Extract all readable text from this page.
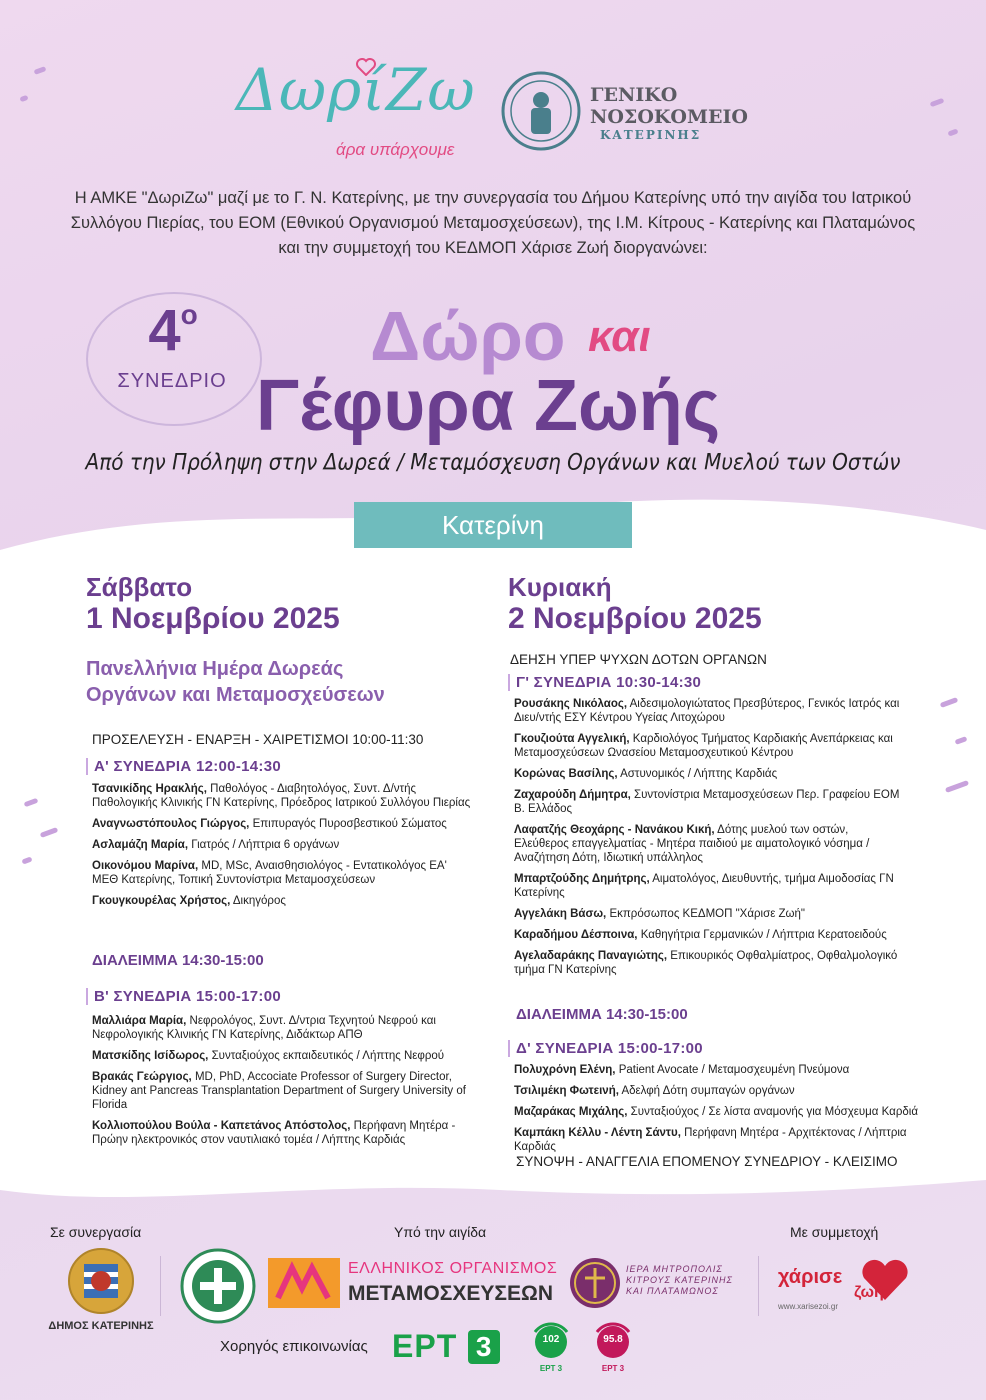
ΔωρίΖω
άρα υπάρχουμε
ΓΕΝΙΚΟ
ΝΟΣΟΚΟΜΕΙΟ
ΚΑΤΕΡΙΝΗΣ
Η ΑΜΚΕ "ΔωριΖω" μαζί με το Γ. Ν. Κατερίνης, με την συνεργασία του Δήμου Κατερίνης υπό την αιγίδα του Ιατρικού Συλλόγου Πιερίας, του ΕΟΜ (Εθνικού Οργανισμού Μεταμοσχεύσεων), της Ι.Μ. Κίτρους - Κατερίνης και Πλαταμώνος και την συμμετοχή του ΚΕΔΜΟΠ Χάρισε Ζωή διοργανώνει:
$4^o$
ΣΥΝΕΔΡΙΟ
Δώρο και
Γέφυρα Ζωής
Από την Πρόληψη στην Δωρεά / Μεταμόσχευση Οργάνων και Μυελού των Οστών
Κατερίνη
Σάββατο
1 Νοεμβρίου 2025
Πανελλήνια Ημέρα Δωρεάς
Οργάνων και Μεταμοσχεύσεων
ΠΡΟΣΕΛΕΥΣΗ - ΕΝΑΡΞΗ - ΧΑΙΡΕΤΙΣΜΟΙ 10:00-11:30
Α' ΣΥΝΕΔΡΙΑ 12:00-14:30
Τσανικίδης Ηρακλής, Παθολόγος - Διαβητολόγος, Συντ. Δ/ντής Παθολογικής Κλινικής ΓΝ Κατερίνης, Πρόεδρος Ιατρικού Συλλόγου Πιερίας
Αναγνωστόπουλος Γιώργος, Επιπυραγός Πυροσβεστικού Σώματος
Ασλαμάζη Μαρία, Γιατρός / Λήπτρια 6 οργάνων
Οικονόμου Μαρίνα, MD, MSc, Αναισθησιολόγος - Εντατικολόγος ΕΑ' ΜΕΘ Κατερίνης, Τοπική Συντονίστρια Μεταμοσχεύσεων
Γκουγκουρέλας Χρήστος, Δικηγόρος
ΔΙΑΛΕΙΜΜΑ 14:30-15:00
Β' ΣΥΝΕΔΡΙΑ 15:00-17:00
Μαλλιάρα Μαρία, Νεφρολόγος, Συντ. Δ/ντρια Τεχνητού Νεφρού και Νεφρολογικής Κλινικής ΓΝ Κατερίνης, Διδάκτωρ ΑΠΘ
Ματσκίδης Ισίδωρος, Συνταξιούχος εκπαιδευτικός / Λήπτης Νεφρού
Βρακάς Γεώργιος, MD, PhD, Accociate Professor of Surgery Director, Kidney ant Pancreas Transplantation Department of Surgery University of Florida
Κολλιοπούλου Βούλα - Καπετάνος Απόστολος, Περήφανη Μητέρα - Πρώην ηλεκτρονικός στον ναυτιλιακό τομέα / Λήπτης Καρδιάς
Κυριακή
2 Νοεμβρίου 2025
ΔΕΗΣΗ ΥΠΕΡ ΨΥΧΩΝ ΔΟΤΩΝ ΟΡΓΑΝΩΝ
Γ' ΣΥΝΕΔΡΙΑ 10:30-14:30
Ρουσάκης Νικόλαος, Αιδεσιμολογιώτατος Πρεσβύτερος, Γενικός Ιατρός και Διευ/ντής ΕΣΥ Κέντρου Υγείας Λιτοχώρου
Γκουζιούτα Αγγελική, Καρδιολόγος Τμήματος Καρδιακής Ανεπάρκειας και Μεταμοσχεύσεων Ωνασείου Μεταμοσχευτικού Κέντρου
Κορώνας Βασίλης, Αστυνομικός / Λήπτης Καρδιάς
Ζαχαρούδη Δήμητρα, Συντονίστρια Μεταμοσχεύσεων Περ. Γραφείου ΕΟΜ Β. Ελλάδος
Λαφατζής Θεοχάρης - Νανάκου Κική, Δότης μυελού των οστών, Ελεύθερος επαγγελματίας - Μητέρα παιδιού με αιματολογικό νόσημα / Αναζήτηση Δότη, Ιδιωτική υπάλληλος
Μπαρτζούδης Δημήτρης, Αιματολόγος, Διευθυντής, τμήμα Αιμοδοσίας ΓΝ Κατερίνης
Αγγελάκη Βάσω, Εκπρόσωπος ΚΕΔΜΟΠ "Χάρισε Ζωή"
Καραδήμου Δέσποινα, Καθηγήτρια Γερμανικών / Λήπτρια Κερατοειδούς
Αγελαδαράκης Παναγιώτης, Επικουρικός Οφθαλμίατρος, Οφθαλμολογικό τμήμα ΓΝ Κατερίνης
ΔΙΑΛΕΙΜΜΑ 14:30-15:00
Δ' ΣΥΝΕΔΡΙΑ 15:00-17:00
Πολυχρόνη Ελένη, Patient Avocate / Μεταμοσχευμένη Πνεύμονα
Τσιλιμέκη Φωτεινή, Αδελφή Δότη συμπαγών οργάνων
Μαζαράκας Μιχάλης, Συνταξιούχος / Σε λίστα αναμονής για Μόσχευμα Καρδιά
Καμπάκη Κέλλυ - Λέντη Σάντυ, Περήφανη Μητέρα - Αρχιτέκτονας / Λήπτρια Καρδιάς
ΣΥΝΟΨΗ - ΑΝΑΓΓΕΛΙΑ ΕΠΟΜΕΝΟΥ ΣΥΝΕΔΡΙΟΥ - ΚΛΕΙΣΙΜΟ
Σε συνεργασία	Υπό την αιγίδα	Με συμμετοχή
ΔΗΜΟΣ ΚΑΤΕΡΙΝΗΣ
ΕΛΛΗΝΙΚΟΣ ΟΡΓΑΝΙΣΜΟΣ
ΜΕΤΑΜΟΣΧΕΥΣΕΩΝ
ΙΕΡΑ ΜΗΤΡΟΠΟΛΙΣ
ΚΙΤΡΟΥΣ ΚΑΤΕΡΙΝΗΣ
ΚΑΙ ΠΛΑΤΑΜΩΝΟΣ
χάρισε
ζωή
www.xarisezoi.gr
Χορηγός επικοινωνίας ΕΡΤ 3	102
ΕΡΤ 3
95.8
ΕΡΤ 3
